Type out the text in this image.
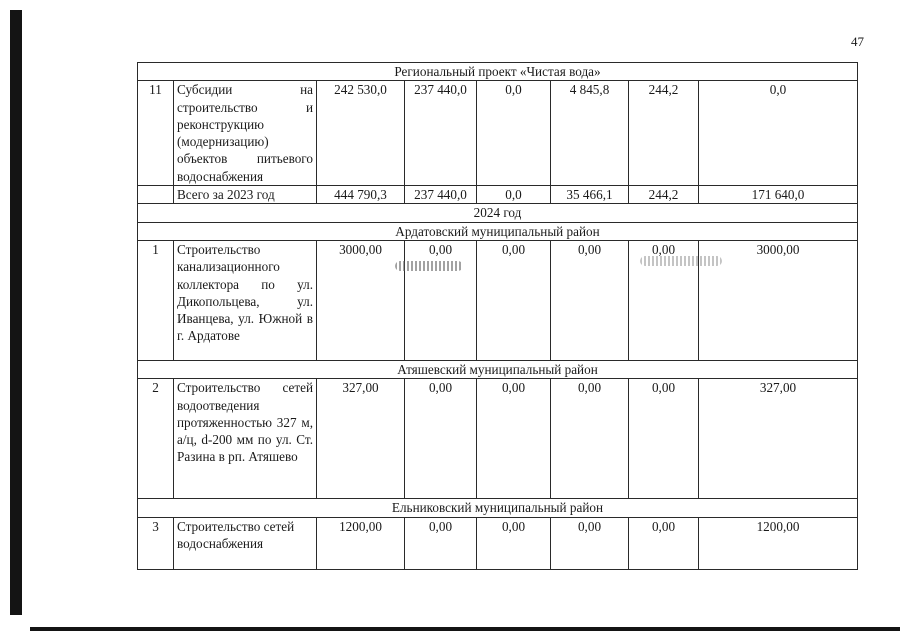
47
Региональный проект «Чистая вода»							
11	Субсидии на строительство и реконструкцию (модернизацию) объектов питьевого водоснабжения	242 530,0	237 440,0	0,0	4 845,8	244,2	0,0
	Всего за 2023 год	444 790,3	237 440,0	0,0	35 466,1	244,2	171 640,0
2024 год							
Ардатовский муниципальный район							
1	Строительство канализационного коллектора по ул. Дикопольцева, ул. Иванцева, ул. Южной в г. Ардатове	3000,00	0,00	0,00	0,00	0,00	3000,00
Атяшевский муниципальный район							
2	Строительство сетей водоотведения протяженностью 327 м, а/ц, d-200 мм по ул. Ст. Разина в рп. Атяшево	327,00	0,00	0,00	0,00	0,00	327,00
Ельниковский муниципальный район							
3	Строительство сетей водоснабжения	1200,00	0,00	0,00	0,00	0,00	1200,00
